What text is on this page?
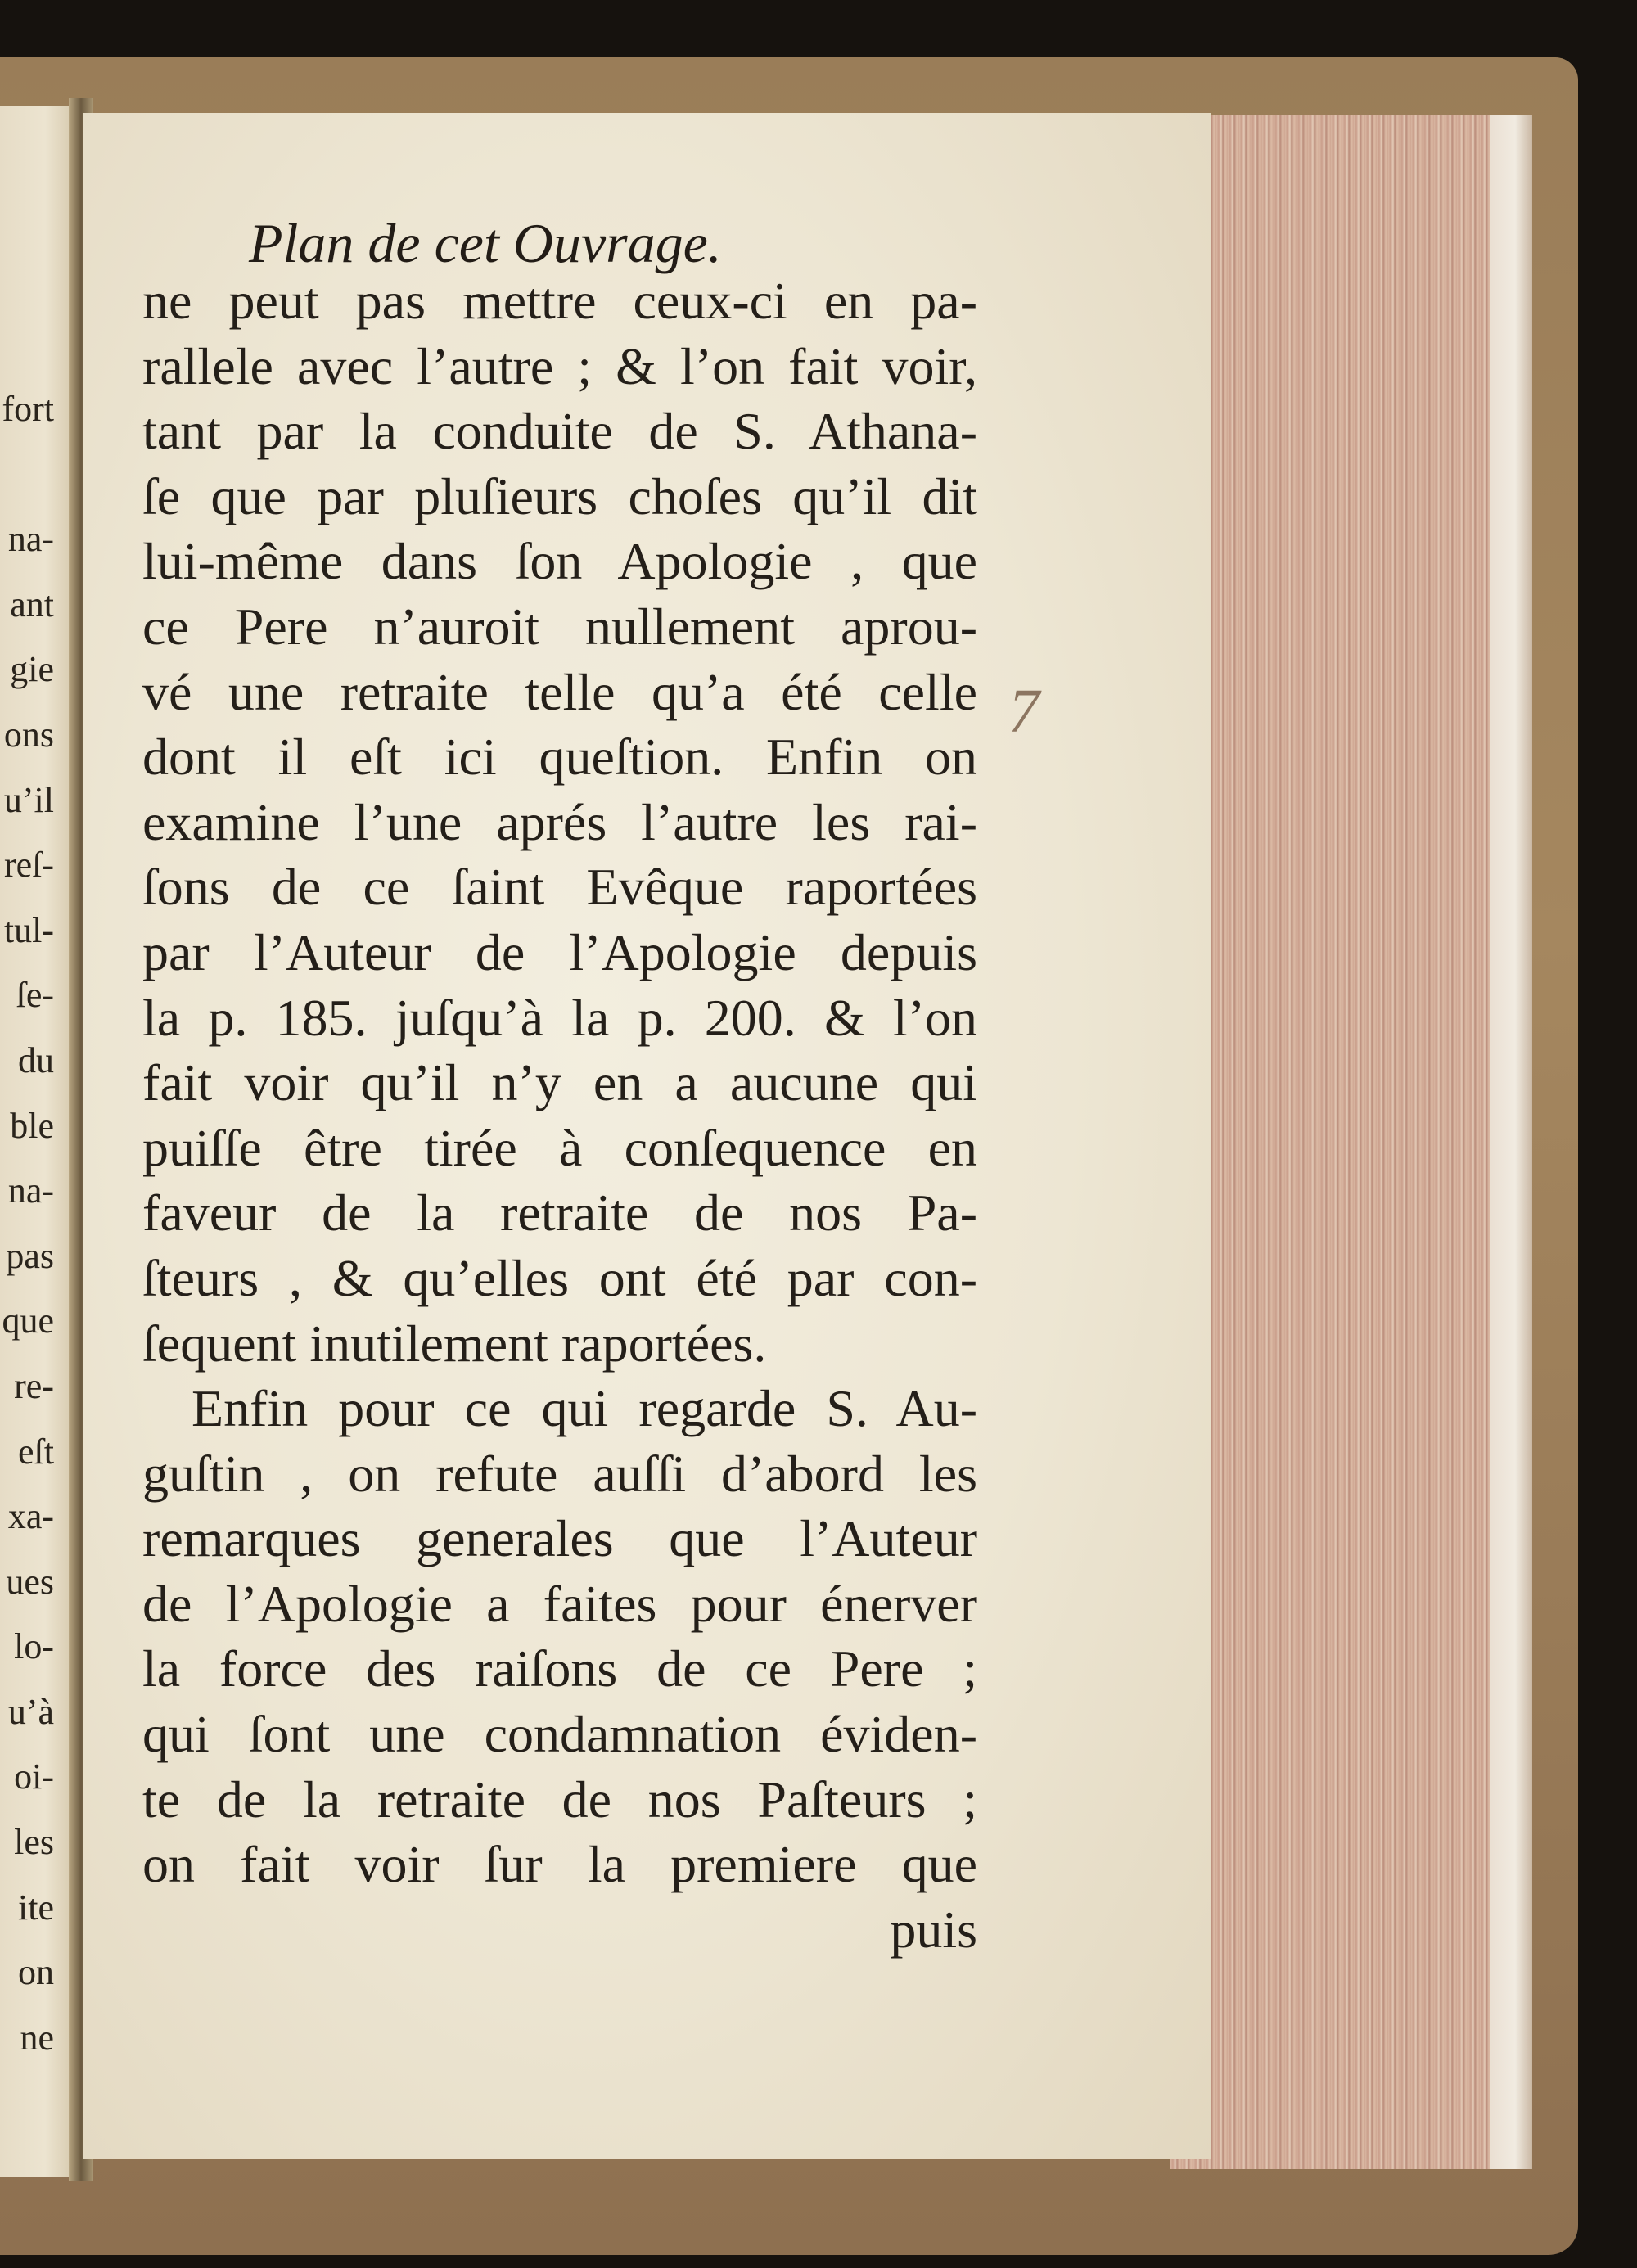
fort
na-
ant
gie
ons
u’il
reſ-
tul-
ſe-
du
ble
na-
pas
que
re-
eſt
xa-
ues
lo-
u’à
oi-
les
ite
on
ne
Plan de cet Ouvrage.
ne peut pas mettre ceux-ci en pa-
rallele avec l’autre ; & l’on fait voir,
tant par la conduite de S. Athana-
ſe que par pluſieurs choſes qu’il dit
lui-même dans ſon Apologie , que
ce Pere n’auroit nullement aprou-
vé une retraite telle qu’a été celle
dont il eſt ici queſtion. Enfin on
examine l’une aprés l’autre les rai-
ſons de ce ſaint Evêque raportées
par l’Auteur de l’Apologie depuis
la p. 185. juſqu’à la p. 200. & l’on
fait voir qu’il n’y en a aucune qui
puiſſe être tirée à conſequence en
faveur de la retraite de nos Pa-
ſteurs , & qu’elles ont été par con-
ſequent inutilement raportées.
Enfin pour ce qui regarde S. Au-
guſtin , on refute auſſi d’abord les
remarques generales que l’Auteur
de l’Apologie a faites pour énerver
la force des raiſons de ce Pere ;
qui ſont une condamnation éviden-
te de la retraite de nos Paſteurs ;
on fait voir ſur la premiere que
puis
7
